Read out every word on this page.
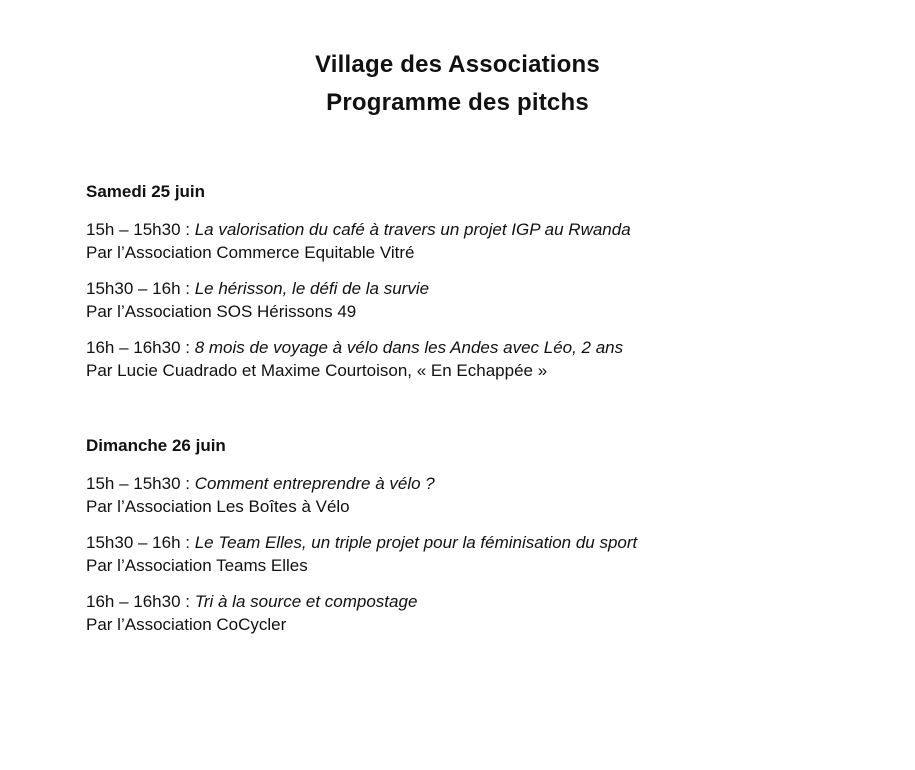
Village des Associations

Programme des pitchs

Samedi 25 juin

15h – 15h30 : La valorisation du café à travers un projet IGP au Rwanda
Par l’Association Commerce Equitable Vitré
15h30 – 16h : Le hérisson, le défi de la survie
Par l’Association SOS Hérissons 49
16h – 16h30 : 8 mois de voyage à vélo dans les Andes avec Léo, 2 ans
Par Lucie Cuadrado et Maxime Courtoison, « En Echappée »

Dimanche 26 juin

15h – 15h30 : Comment entreprendre à vélo ?
Par l’Association Les Boîtes à Vélo
15h30 – 16h : Le Team Elles, un triple projet pour la féminisation du sport
Par l’Association Teams Elles
16h – 16h30 : Tri à la source et compostage
Par l’Association CoCycler
